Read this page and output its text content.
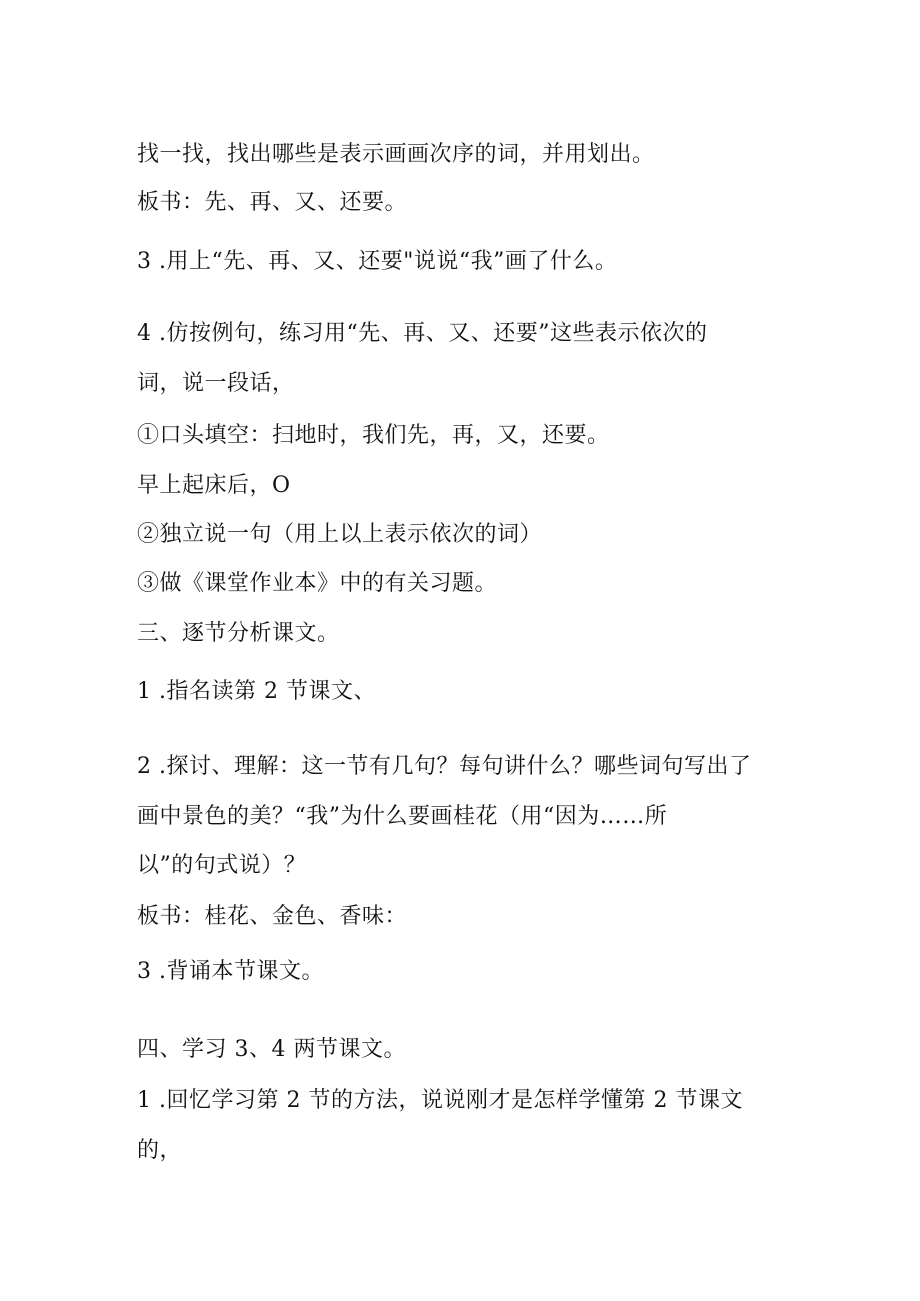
找一找，找出哪些是表示画画次序的词，并用划出。

板书：先、再、又、还要。

3 .用上“先、再、又、还要"说说“我”画了什么。

4 .仿按例句，练习用“先、再、又、还要”这些表示依次的

词，说一段话，

①口头填空：扫地时，我们先，再，又，还要。

早上起床后，O

②独立说一句（用上以上表示依次的词）

③做《课堂作业本》中的有关习题。

三、逐节分析课文。

1 .指名读第 2 节课文、

2 .探讨、理解：这一节有几句？每句讲什么？哪些词句写出了

画中景色的美？“我”为什么要画桂花（用“因为……所

以”的句式说）？

板书：桂花、金色、香味：

3 .背诵本节课文。

四、学习 3、4 两节课文。

1 .回忆学习第 2 节的方法，说说刚才是怎样学懂第 2 节课文

的，
